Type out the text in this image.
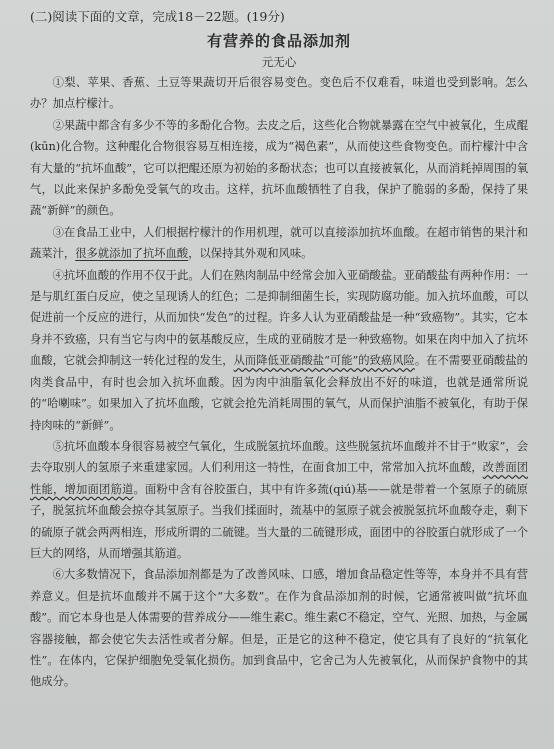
(二)阅读下面的文章，完成18－22题。(19分)
有营养的食品添加剂
元无心

①梨、苹果、香蕉、土豆等果蔬切开后很容易变色。变色后不仅难看，味道也受到影响。怎么办？加点柠檬汁。

②果蔬中都含有多少不等的多酚化合物。去皮之后，这些化合物就暴露在空气中被氧化，生成醌(kūn)化合物。这种醌化合物很容易互相连接，成为“褐色素”，从而使这些食物变色。而柠檬汁中含有大量的“抗坏血酸”，它可以把醌还原为初始的多酚状态；也可以直接被氧化，从而消耗掉周围的氧气，以此来保护多酚免受氧气的攻击。这样，抗坏血酸牺牲了自我，保护了脆弱的多酚，保持了果蔬“新鲜”的颜色。

③在食品工业中，人们根据柠檬汁的作用机理，就可以直接添加抗坏血酸。在超市销售的果汁和蔬菜汁，很多就添加了抗坏血酸，以保持其外观和风味。

④抗坏血酸的作用不仅于此。人们在熟肉制品中经常会加入亚硝酸盐。亚硝酸盐有两种作用：一是与肌红蛋白反应，使之呈现诱人的红色；二是抑制细菌生长，实现防腐功能。加入抗坏血酸，可以促进前一个反应的进行，从而加快“发色”的过程。许多人认为亚硝酸盐是一种“致癌物”。其实，它本身并不致癌，只有当它与肉中的氨基酸反应，生成的亚硝胺才是一种致癌物。如果在肉中加入了抗坏血酸，它就会抑制这一转化过程的发生，从而降低亚硝酸盐“可能”的致癌风险。在不需要亚硝酸盐的肉类食品中，有时也会加入抗坏血酸。因为肉中油脂氧化会释放出不好的味道，也就是通常所说的“哈喇味”。如果加入了抗坏血酸，它就会抢先消耗周围的氧气，从而保护油脂不被氧化，有助于保持肉味的“新鲜”。

⑤抗坏血酸本身很容易被空气氧化，生成脱氢抗坏血酸。这些脱氢抗坏血酸并不甘于“败家”，会去夺取别人的氢原子来重建家园。人们利用这一特性，在面食加工中，常常加入抗坏血酸，改善面团性能，增加面团筋道。面粉中含有谷胶蛋白，其中有许多巯(qiú)基——就是带着一个氢原子的硫原子，脱氢抗坏血酸会掠夺其氢原子。当我们揉面时，巯基中的氢原子就会被脱氢抗坏血酸夺走，剩下的硫原子就会两两相连，形成所谓的二硫键。当大量的二硫键形成，面团中的谷胶蛋白就形成了一个巨大的网络，从而增强其筋道。

⑥大多数情况下，食品添加剂都是为了改善风味、口感，增加食品稳定性等等，本身并不具有营养意义。但是抗坏血酸并不属于这个“大多数”。在作为食品添加剂的时候，它通常被叫做“抗坏血酸”。而它本身也是人体需要的营养成分——维生素C。维生素C不稳定，空气、光照、加热，与金属容器接触，都会使它失去活性或者分解。但是，正是它的这种不稳定，使它具有了良好的“抗氧化性”。在体内，它保护细胞免受氧化损伤。加到食品中，它舍己为人先被氧化，从而保护食物中的其他成分。
